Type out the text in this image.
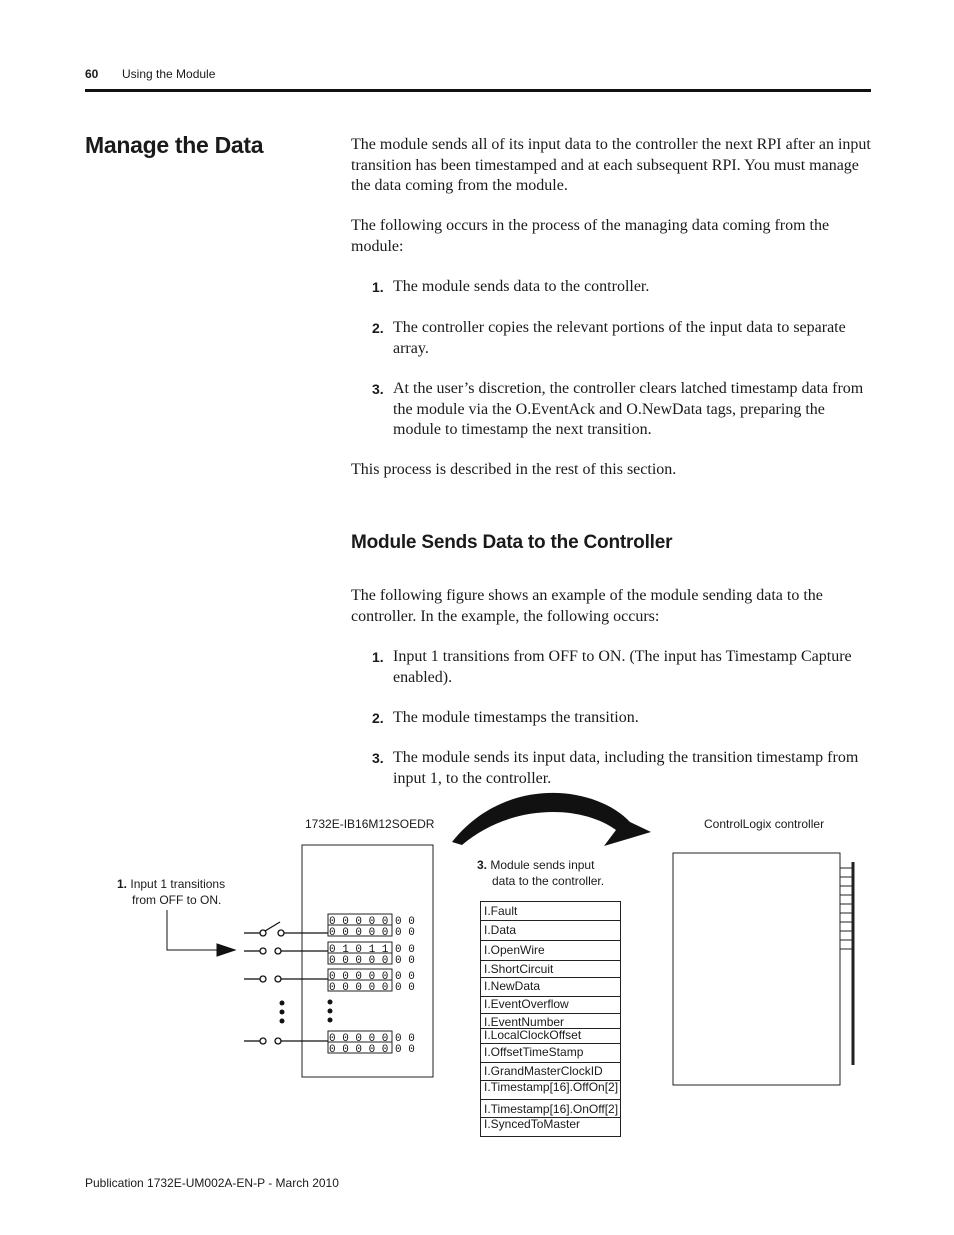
60 Using the Module
Manage the Data	The module sends all of its input data to the controller the next RPI after an input transition has been timestamped and at each subsequent RPI. You must manage the data coming from the module.

The following occurs in the process of the managing data coming from the module:

1. The module sends data to the controller.
2. The controller copies the relevant portions of the input data to separate array.
3. At the user’s discretion, the controller clears latched timestamp data from the module via the O.EventAck and O.NewData tags, preparing the module to timestamp the next transition.

This process is described in the rest of this section.

Module Sends Data to the Controller

The following figure shows an example of the module sending data to the controller. In the example, the following occurs:

1. Input 1 transitions from OFF to ON. (The input has Timestamp Capture enabled).
2. The module timestamps the transition.
3. The module sends its input data, including the transition timestamp from input 1, to the controller.
1732E-IB16M12SOEDR	ControlLogix controller
1. Input 1 transitions
from OFF to ON.

3. Module sends input
data to the controller.
0 0 0 0 0 0 0
0 0 0 0 0 0 0
0 1 0 1 1 0 0
0 0 0 0 0 0 0
0 0 0 0 0 0 0
0 0 0 0 0 0 0
0 0 0 0 0 0 0
0 0 0 0 0 0 0
I.Fault
I.Data
I.OpenWire
I.ShortCircuit
I.NewData
I.EventOverflow
I.EventNumber
I.LocalClockOffset
I.OffsetTimeStamp
I.GrandMasterClockID
I.Timestamp[16].OffOn[2]
I.Timestamp[16].OnOff[2]
I.SyncedToMaster
Publication 1732E-UM002A-EN-P - March 2010
